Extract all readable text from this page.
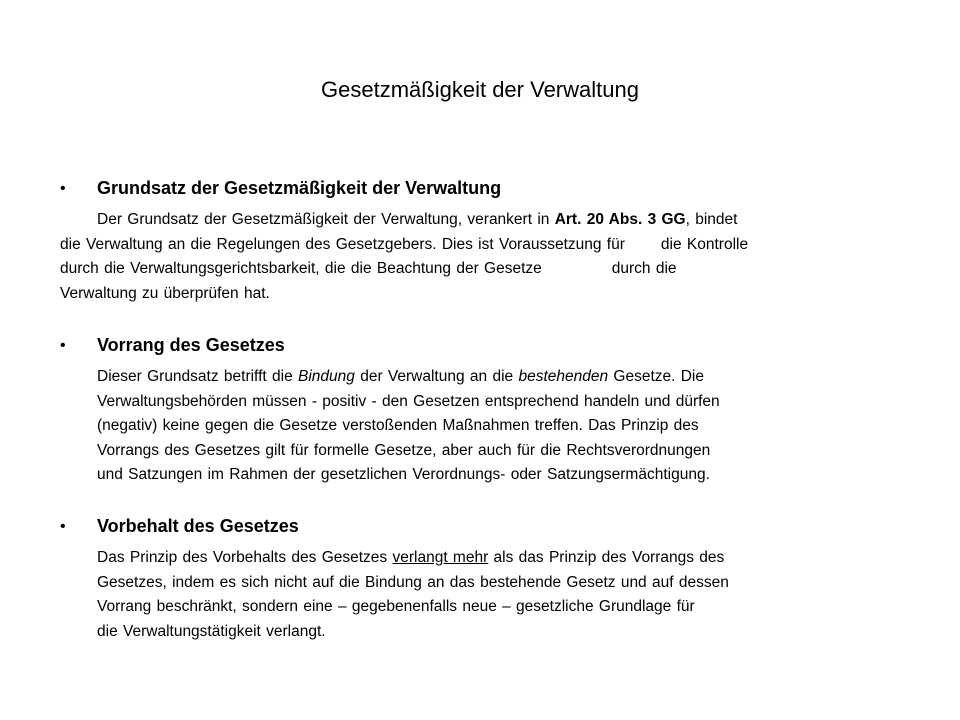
Gesetzmäßigkeit der Verwaltung
• Grundsatz der Gesetzmäßigkeit der Verwaltung
Der Grundsatz der Gesetzmäßigkeit der Verwaltung, verankert in Art. 20 Abs. 3 GG, bindet
die Verwaltung an die Regelungen des Gesetzgebers. Dies ist Voraussetzung für die Kontrolle
durch die Verwaltungsgerichtsbarkeit, die die Beachtung der Gesetze	durch die
Verwaltung zu überprüfen hat.
• Vorrang des Gesetzes
Dieser Grundsatz betrifft die Bindung der Verwaltung an die bestehenden Gesetze. Die
Verwaltungsbehörden müssen - positiv - den Gesetzen entsprechend handeln und dürfen
(negativ) keine gegen die Gesetze verstoßenden Maßnahmen treffen. Das Prinzip des
Vorrangs des Gesetzes gilt für formelle Gesetze, aber auch für die Rechtsverordnungen
und Satzungen im Rahmen der gesetzlichen Verordnungs- oder Satzungsermächtigung.
• Vorbehalt des Gesetzes
Das Prinzip des Vorbehalts des Gesetzes verlangt mehr als das Prinzip des Vorrangs des
Gesetzes, indem es sich nicht auf die Bindung an das bestehende Gesetz und auf dessen
Vorrang beschränkt, sondern eine – gegebenenfalls neue – gesetzliche Grundlage für
die Verwaltungstätigkeit verlangt.
